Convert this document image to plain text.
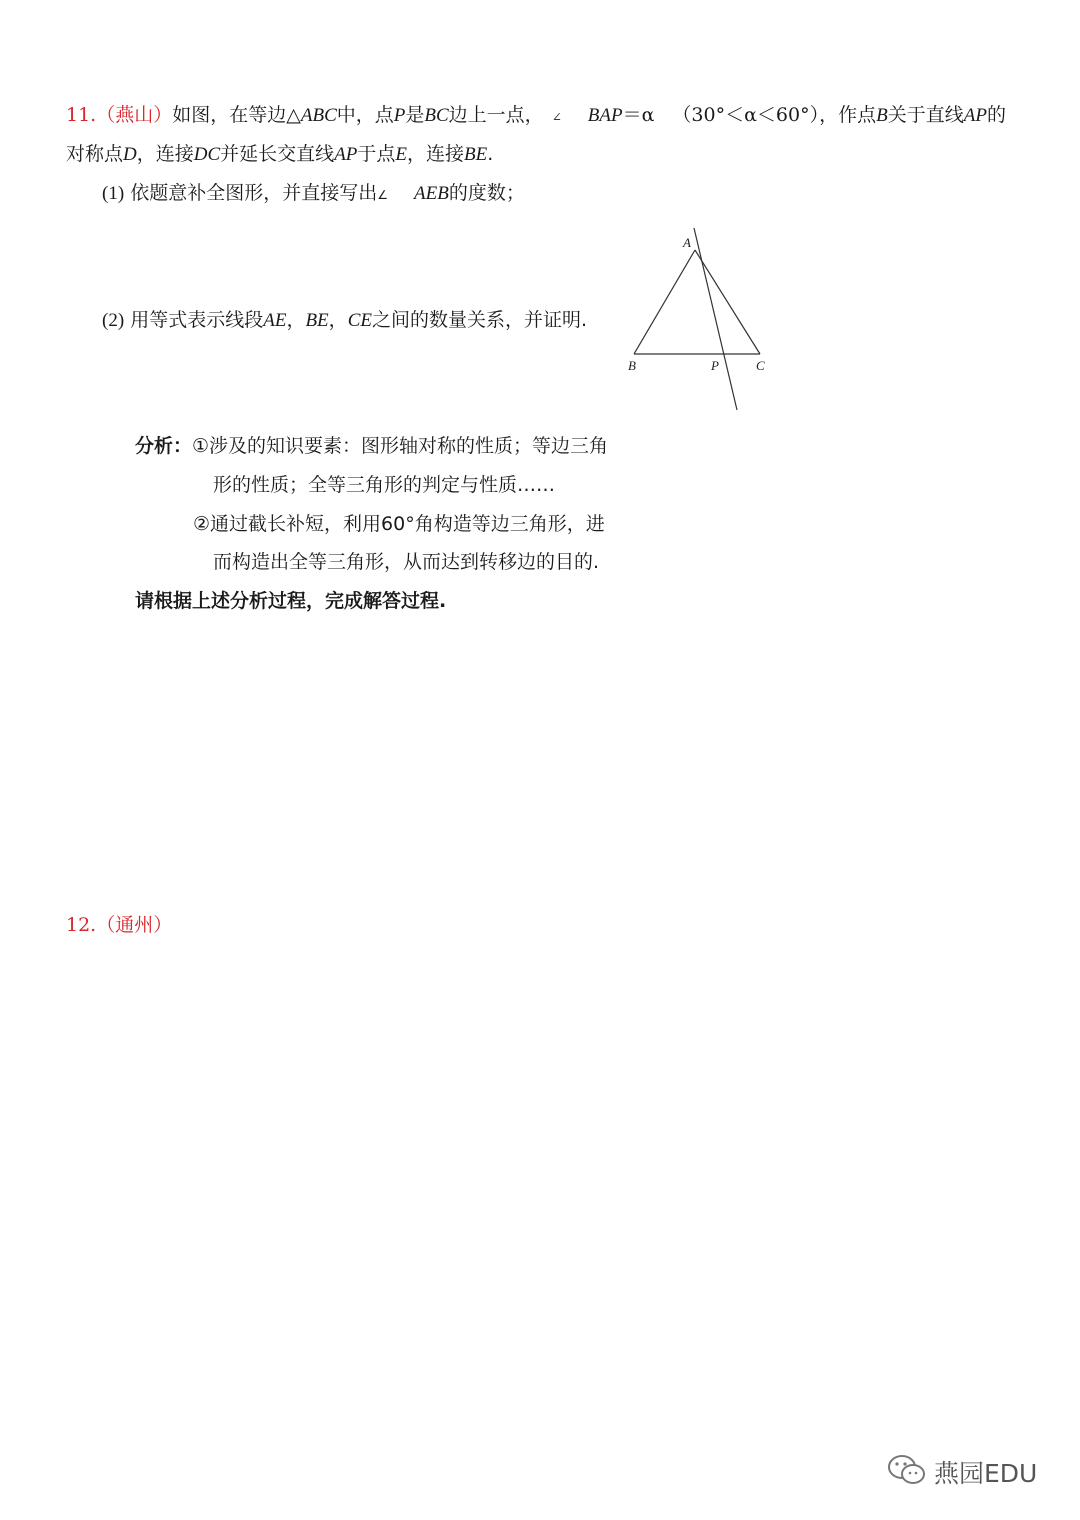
11.（燕山）如图，在等边△ABC中，点P是BC边上一点， ∠ BAP＝α （30°＜α＜60°），作点B关于直线AP的
对称点D，连接DC并延长交直线AP于点E，连接BE.
(1) 依题意补全图形，并直接写出∠ AEB的度数；
(2) 用等式表示线段AE，BE，CE之间的数量关系，并证明.
A
B	P	C
分析：①涉及的知识要素：图形轴对称的性质；等边三角
形的性质；全等三角形的判定与性质……
②通过截长补短，利用60°角构造等边三角形，进
而构造出全等三角形，从而达到转移边的目的.
请根据上述分析过程，完成解答过程.
12.（通州）
燕园EDU
